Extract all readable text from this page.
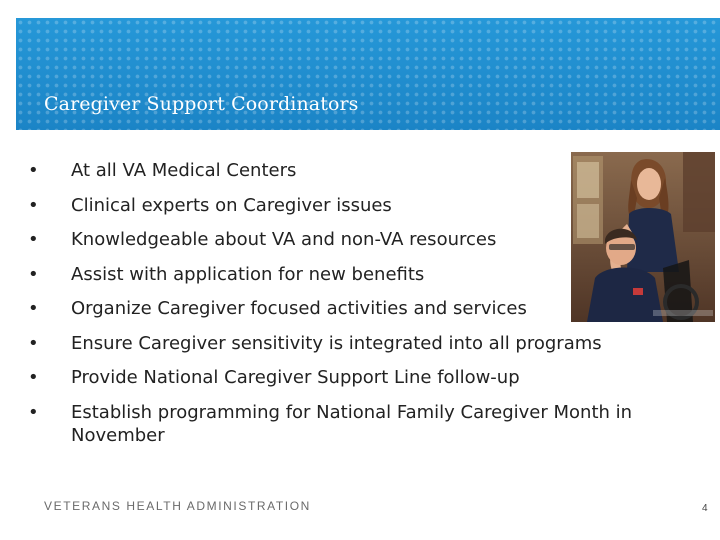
Caregiver Support Coordinators
• At all VA Medical Centers
• Clinical experts on Caregiver issues
• Knowledgeable about VA and non-VA resources
• Assist with application for new benefits
• Organize Caregiver focused activities and services
• Ensure Caregiver sensitivity is integrated into all programs
• Provide National Caregiver Support Line follow-up
• Establish programming for National Family Caregiver Month in November
VETERANS HEALTH ADMINISTRATION	4
